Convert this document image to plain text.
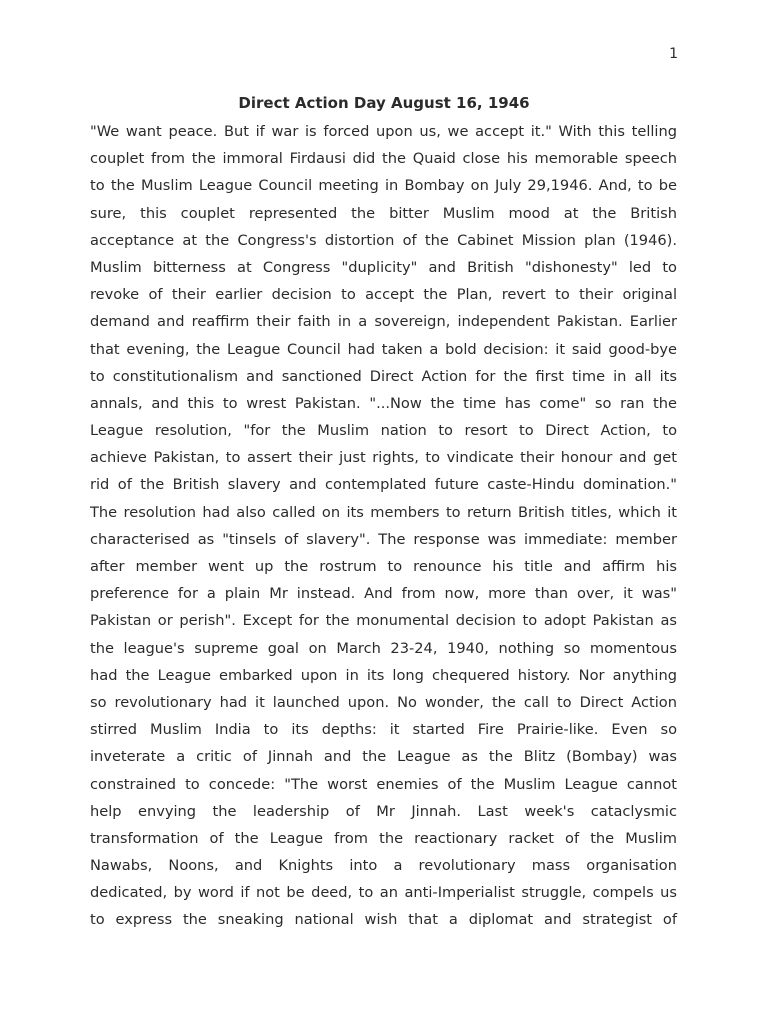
1
Direct Action Day August 16, 1946
"We want peace. But if war is forced upon us, we accept it." With this telling
couplet from the immoral Firdausi did the Quaid close his memorable speech
to the Muslim League Council meeting in Bombay on July 29,1946. And, to be
sure, this couplet represented the bitter Muslim mood at the British
acceptance at the Congress's distortion of the Cabinet Mission plan (1946).
Muslim bitterness at Congress "duplicity" and British "dishonesty" led to
revoke of their earlier decision to accept the Plan, revert to their original
demand and reaffirm their faith in a sovereign, independent Pakistan. Earlier
that evening, the League Council had taken a bold decision: it said good-bye
to constitutionalism and sanctioned Direct Action for the first time in all its
annals, and this to wrest Pakistan. "...Now the time has come" so ran the
League resolution, "for the Muslim nation to resort to Direct Action, to
achieve Pakistan, to assert their just rights, to vindicate their honour and get
rid of the British slavery and contemplated future caste-Hindu domination."
The resolution had also called on its members to return British titles, which it
characterised as "tinsels of slavery". The response was immediate: member
after member went up the rostrum to renounce his title and affirm his
preference for a plain Mr instead. And from now, more than over, it was"
Pakistan or perish". Except for the monumental decision to adopt Pakistan as
the league's supreme goal on March 23-24, 1940, nothing so momentous
had the League embarked upon in its long chequered history. Nor anything
so revolutionary had it launched upon. No wonder, the call to Direct Action
stirred Muslim India to its depths: it started Fire Prairie-like. Even so
inveterate a critic of Jinnah and the League as the Blitz (Bombay) was
constrained to concede: "The worst enemies of the Muslim League cannot
help envying the leadership of Mr Jinnah. Last week's cataclysmic
transformation of the League from the reactionary racket of the Muslim
Nawabs, Noons, and Knights into a revolutionary mass organisation
dedicated, by word if not be deed, to an anti-Imperialist struggle, compels us
to express the sneaking national wish that a diplomat and strategist of
